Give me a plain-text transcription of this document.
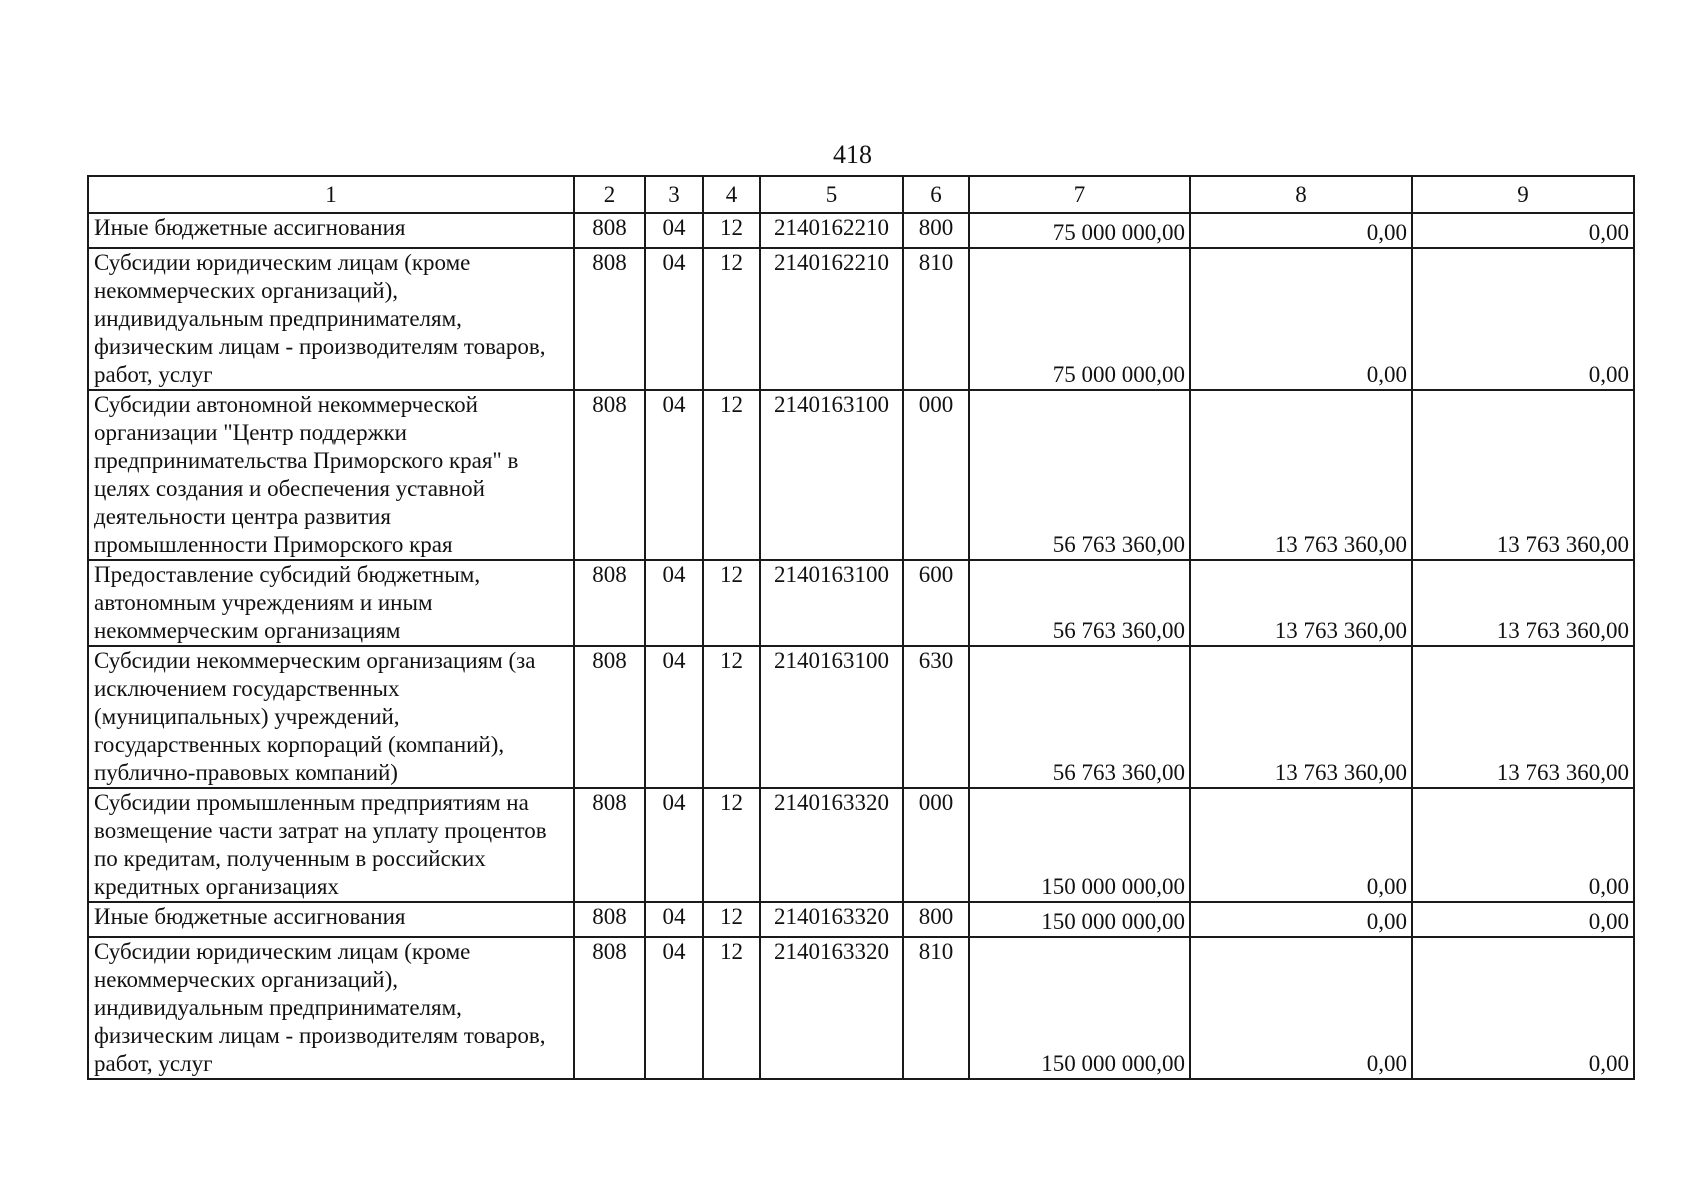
418
1	2	3	4	5	6	7	8	9
Иные бюджетные ассигнования	808	04	12	2140162210	800	75 000 000,00	0,00	0,00
Субсидии юридическим лицам (кроме некоммерческих организаций), индивидуальным предпринимателям, физическим лицам - производителям товаров, работ, услуг	808	04	12	2140162210	810	75 000 000,00	0,00	0,00
Субсидии автономной некоммерческой организации "Центр поддержки предпринимательства Приморского края" в целях создания и обеспечения уставной деятельности центра развития промышленности Приморского края	808	04	12	2140163100	000	56 763 360,00	13 763 360,00	13 763 360,00
Предоставление субсидий бюджетным, автономным учреждениям и иным некоммерческим организациям	808	04	12	2140163100	600	56 763 360,00	13 763 360,00	13 763 360,00
Субсидии некоммерческим организациям (за исключением государственных (муниципальных) учреждений, государственных корпораций (компаний), публично-правовых компаний)	808	04	12	2140163100	630	56 763 360,00	13 763 360,00	13 763 360,00
Субсидии промышленным предприятиям на возмещение части затрат на уплату процентов по кредитам, полученным в российских кредитных организациях	808	04	12	2140163320	000	150 000 000,00	0,00	0,00
Иные бюджетные ассигнования	808	04	12	2140163320	800	150 000 000,00	0,00	0,00
Субсидии юридическим лицам (кроме некоммерческих организаций), индивидуальным предпринимателям, физическим лицам - производителям товаров, работ, услуг	808	04	12	2140163320	810	150 000 000,00	0,00	0,00
